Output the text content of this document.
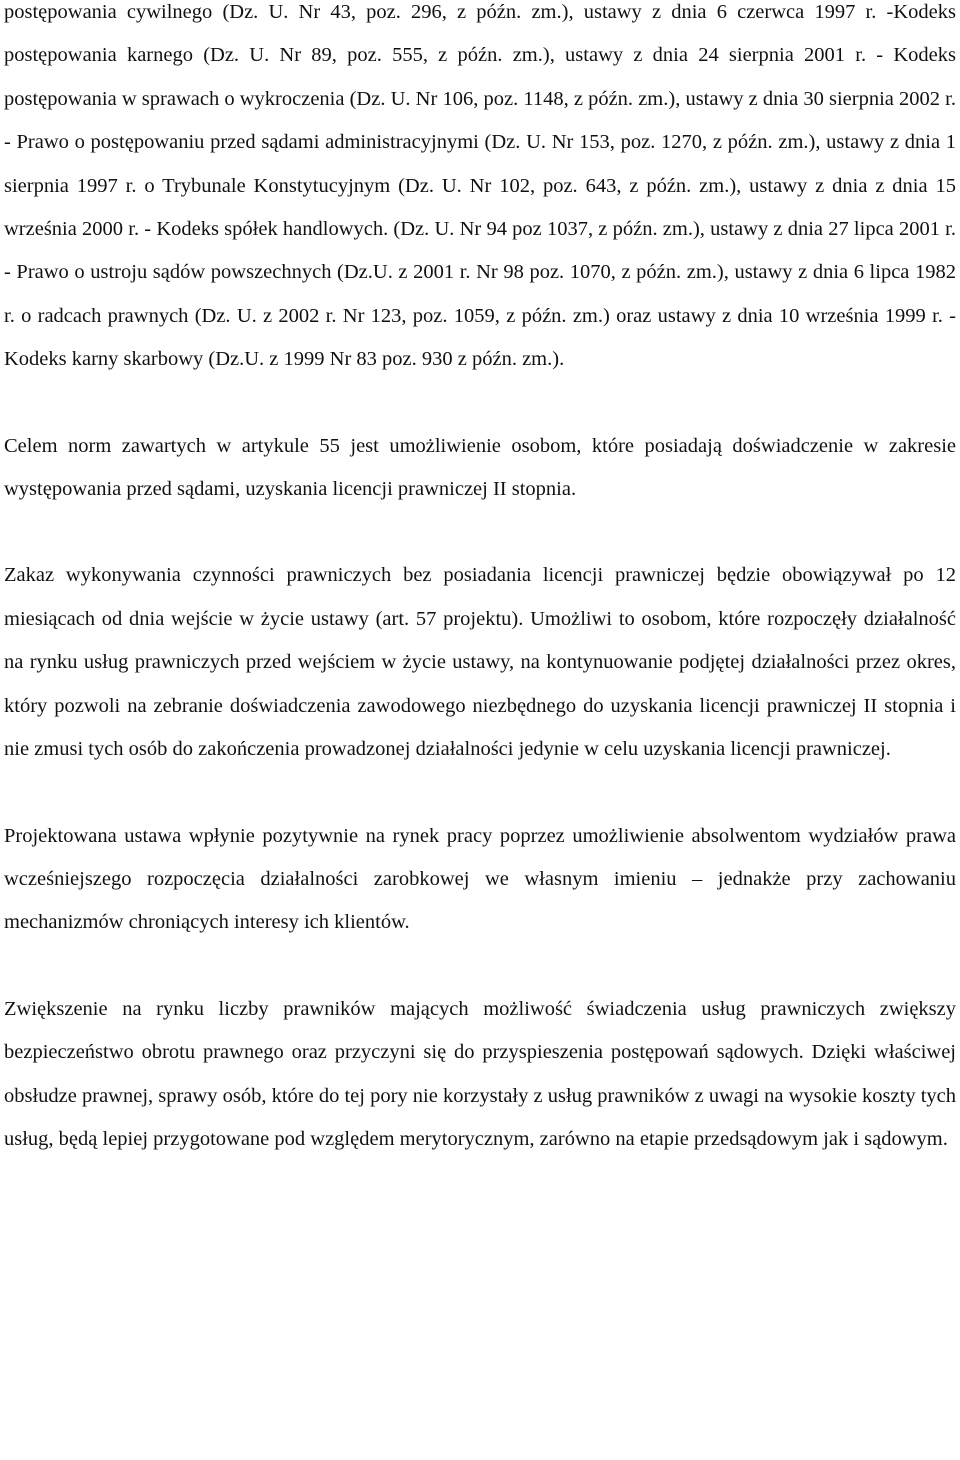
postępowania cywilnego (Dz. U. Nr 43, poz. 296, z późn. zm.), ustawy z dnia 6 czerwca 1997 r. -Kodeks postępowania karnego (Dz. U. Nr 89, poz. 555, z późn. zm.), ustawy z dnia 24 sierpnia 2001 r. - Kodeks postępowania w sprawach o wykroczenia (Dz. U. Nr 106, poz. 1148, z późn. zm.), ustawy z dnia 30 sierpnia 2002 r. - Prawo o postępowaniu przed sądami administracyjnymi (Dz. U. Nr 153, poz. 1270, z późn. zm.), ustawy z dnia 1 sierpnia 1997 r. o Trybunale Konstytucyjnym (Dz. U. Nr 102, poz. 643, z późn. zm.), ustawy z dnia z dnia 15 września 2000 r. - Kodeks spółek handlowych. (Dz. U. Nr 94 poz 1037, z późn. zm.), ustawy z dnia 27 lipca 2001 r. - Prawo o ustroju sądów powszechnych (Dz.U. z 2001 r. Nr 98 poz. 1070, z późn. zm.), ustawy z dnia 6 lipca 1982 r. o radcach prawnych (Dz. U. z 2002 r. Nr 123, poz. 1059, z późn. zm.) oraz ustawy z dnia 10 września 1999 r. - Kodeks karny skarbowy (Dz.U. z 1999 Nr 83 poz. 930 z późn. zm.).

Celem norm zawartych w artykule 55 jest umożliwienie osobom, które posiadają doświadczenie w zakresie występowania przed sądami, uzyskania licencji prawniczej II stopnia.

Zakaz wykonywania czynności prawniczych bez posiadania licencji prawniczej będzie obowiązywał po 12 miesiącach od dnia wejście w życie ustawy (art. 57 projektu). Umożliwi to osobom, które rozpoczęły działalność na rynku usług prawniczych przed wejściem w życie ustawy, na kontynuowanie podjętej działalności przez okres, który pozwoli na zebranie doświadczenia zawodowego niezbędnego do uzyskania licencji prawniczej II stopnia i nie zmusi tych osób do zakończenia prowadzonej działalności jedynie w celu uzyskania licencji prawniczej.

Projektowana ustawa wpłynie pozytywnie na rynek pracy poprzez umożliwienie absolwentom wydziałów prawa wcześniejszego rozpoczęcia działalności zarobkowej we własnym imieniu – jednakże przy zachowaniu mechanizmów chroniących interesy ich klientów.

Zwiększenie na rynku liczby prawników mających możliwość świadczenia usług prawniczych zwiększy bezpieczeństwo obrotu prawnego oraz przyczyni się do przyspieszenia postępowań sądowych. Dzięki właściwej obsłudze prawnej, sprawy osób, które do tej pory nie korzystały z usług prawników z uwagi na wysokie koszty tych usług, będą lepiej przygotowane pod względem merytorycznym, zarówno na etapie przedsądowym jak i sądowym.
